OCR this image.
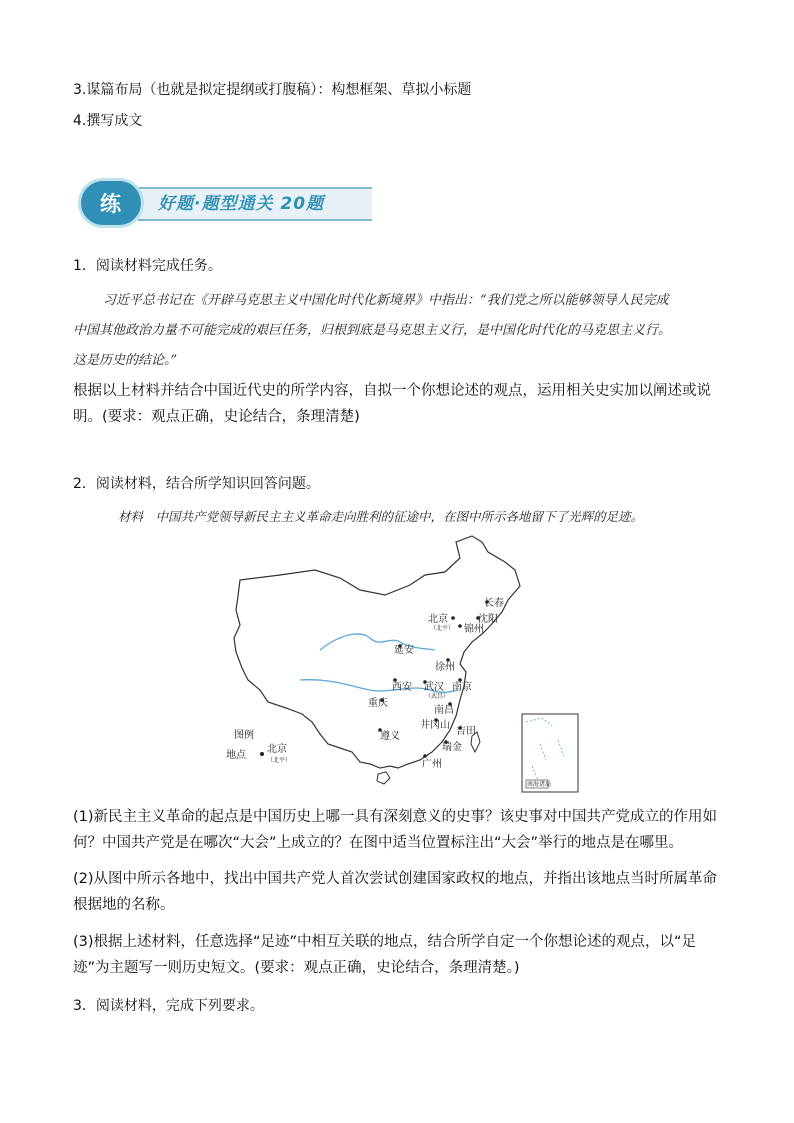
3.谋篇布局（也就是拟定提纲或打腹稿）：构想框架、草拟小标题
4.撰写成文
练	好题·题型通关 20题
1．阅读材料完成任务。
习近平总书记在《开辟马克思主义中国化时代化新境界》中指出：“我们党之所以能够领导人民完成
中国其他政治力量不可能完成的艰巨任务，归根到底是马克思主义行，是中国化时代化的马克思主义行。
这是历史的结论。”
根据以上材料并结合中国近代史的所学内容，自拟一个你想论述的观点，运用相关史实加以阐述或说明。(要求：观点正确，史论结合，条理清楚)
2．阅读材料，结合所学知识回答问题。
材料　中国共产党领导新民主主义革命走向胜利的征途中，在图中所示各地留下了光辉的足迹。
长春
北京
（北平）
沈阳
锦州
延安
徐州
西安 武汉
（武昌）
南京
重庆
南昌
井冈山
吉田
遵义
瑞金
广州
图例
地点
北京
（北平）
南海诸岛
(1)新民主主义革命的起点是中国历史上哪一具有深刻意义的史事？该史事对中国共产党成立的作用如何？中国共产党是在哪次“大会”上成立的？在图中适当位置标注出“大会”举行的地点是在哪里。
(2)从图中所示各地中，找出中国共产党人首次尝试创建国家政权的地点，并指出该地点当时所属革命根据地的名称。
(3)根据上述材料，任意选择“足迹”中相互关联的地点，结合所学自定一个你想论述的观点，以“足迹”为主题写一则历史短文。(要求：观点正确，史论结合，条理清楚。)
3．阅读材料，完成下列要求。
